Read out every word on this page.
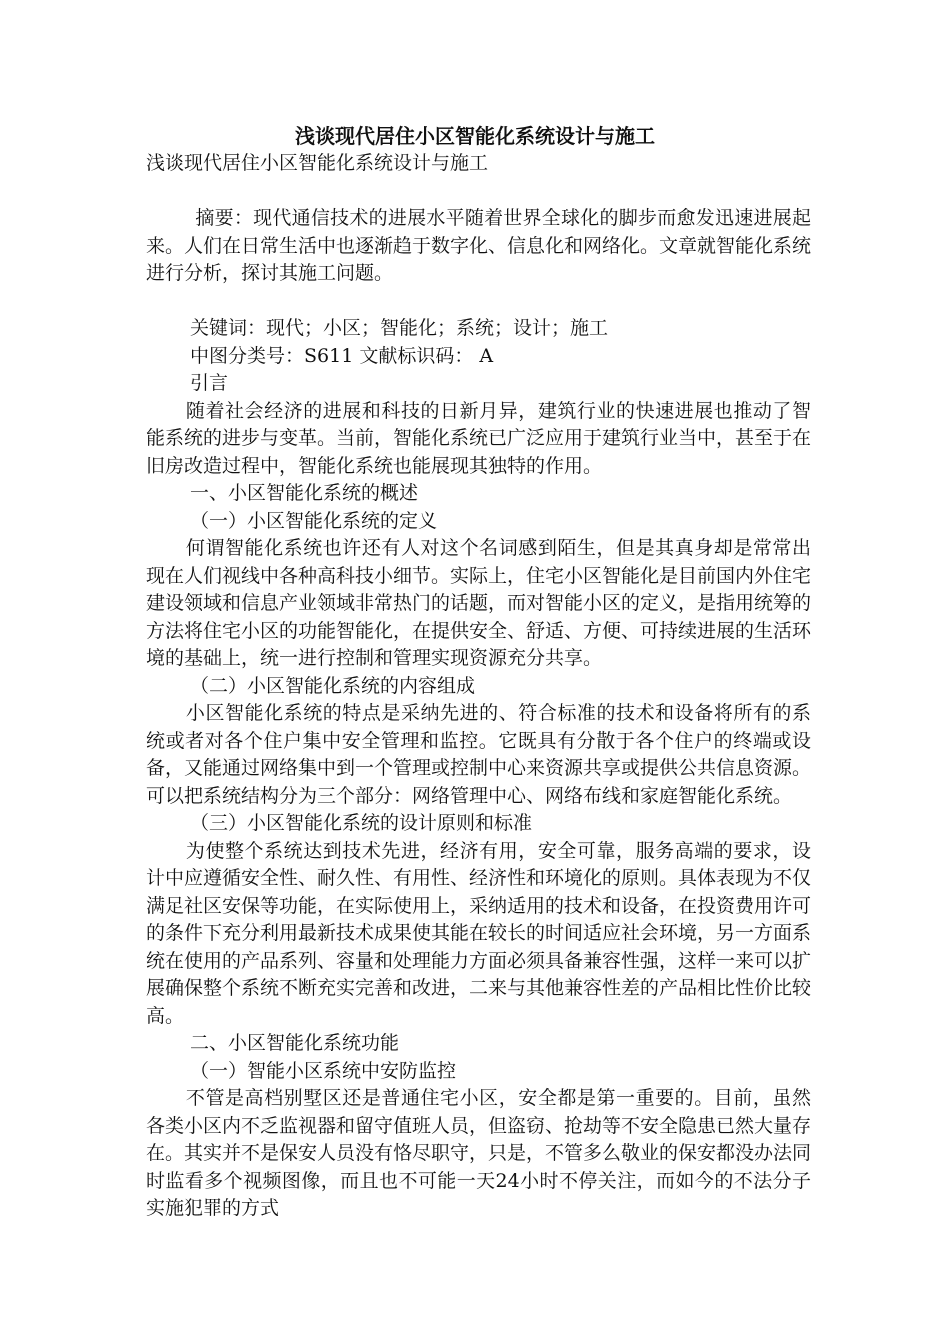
浅谈现代居住小区智能化系统设计与施工

浅谈现代居住小区智能化系统设计与施工

摘要：现代通信技术的进展水平随着世界全球化的脚步而愈发迅速进展起来。人们在日常生活中也逐渐趋于数字化、信息化和网络化。文章就智能化系统进行分析，探讨其施工问题。

关键词：现代；小区；智能化；系统；设计；施工

中图分类号：S611 文献标识码： A

引言

随着社会经济的进展和科技的日新月异，建筑行业的快速进展也推动了智能系统的进步与变革。当前，智能化系统已广泛应用于建筑行业当中，甚至于在旧房改造过程中，智能化系统也能展现其独特的作用。

一、小区智能化系统的概述

（一）小区智能化系统的定义

何谓智能化系统也许还有人对这个名词感到陌生，但是其真身却是常常出现在人们视线中各种高科技小细节。实际上，住宅小区智能化是目前国内外住宅建设领域和信息产业领域非常热门的话题，而对智能小区的定义，是指用统筹的方法将住宅小区的功能智能化，在提供安全、舒适、方便、可持续进展的生活环境的基础上，统一进行控制和管理实现资源充分共享。

（二）小区智能化系统的内容组成

小区智能化系统的特点是采纳先进的、符合标准的技术和设备将所有的系统或者对各个住户集中安全管理和监控。它既具有分散于各个住户的终端或设备，又能通过网络集中到一个管理或控制中心来资源共享或提供公共信息资源。可以把系统结构分为三个部分：网络管理中心、网络布线和家庭智能化系统。

（三）小区智能化系统的设计原则和标准

为使整个系统达到技术先进，经济有用，安全可靠，服务高端的要求，设计中应遵循安全性、耐久性、有用性、经济性和环境化的原则。具体表现为不仅满足社区安保等功能，在实际使用上，采纳适用的技术和设备，在投资费用许可的条件下充分利用最新技术成果使其能在较长的时间适应社会环境，另一方面系统在使用的产品系列、容量和处理能力方面必须具备兼容性强，这样一来可以扩展确保整个系统不断充实完善和改进，二来与其他兼容性差的产品相比性价比较高。

二、小区智能化系统功能

（一）智能小区系统中安防监控

不管是高档别墅区还是普通住宅小区，安全都是第一重要的。目前，虽然各类小区内不乏监视器和留守值班人员，但盗窃、抢劫等不安全隐患已然大量存在。其实并不是保安人员没有恪尽职守，只是，不管多么敬业的保安都没办法同时监看多个视频图像，而且也不可能一天24小时不停关注，而如今的不法分子实施犯罪的方式
